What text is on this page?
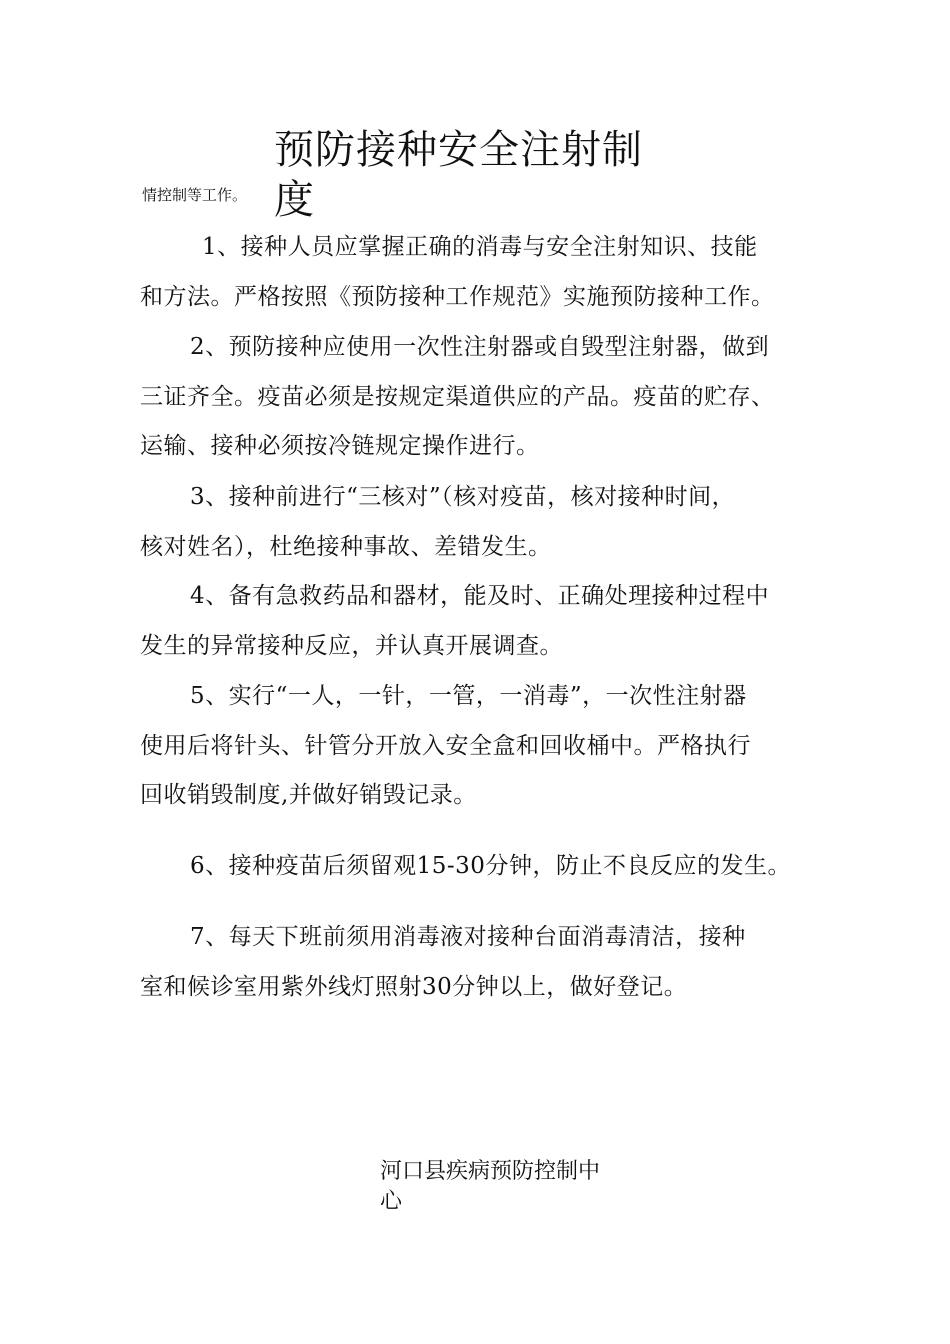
预防接种安全注射制
度
情控制等工作。
1、接种人员应掌握正确的消毒与安全注射知识、技能
和方法。严格按照《预防接种工作规范》实施预防接种工作。
2、预防接种应使用一次性注射器或自毁型注射器，做到
三证齐全。疫苗必须是按规定渠道供应的产品。疫苗的贮存、
运输、接种必须按冷链规定操作进行。
3、接种前进行“三核对”（核对疫苗，核对接种时间，
核对姓名），杜绝接种事故、差错发生。
4、备有急救药品和器材，能及时、正确处理接种过程中
发生的异常接种反应，并认真开展调查。
5、实行“一人，一针，一管，一消毒”，一次性注射器
使用后将针头、针管分开放入安全盒和回收桶中。严格执行
回收销毁制度,并做好销毁记录。
6、接种疫苗后须留观15-30分钟，防止不良反应的发生。
7、每天下班前须用消毒液对接种台面消毒清洁，接种
室和候诊室用紫外线灯照射30分钟以上，做好登记。
河口县疾病预防控制中
心
